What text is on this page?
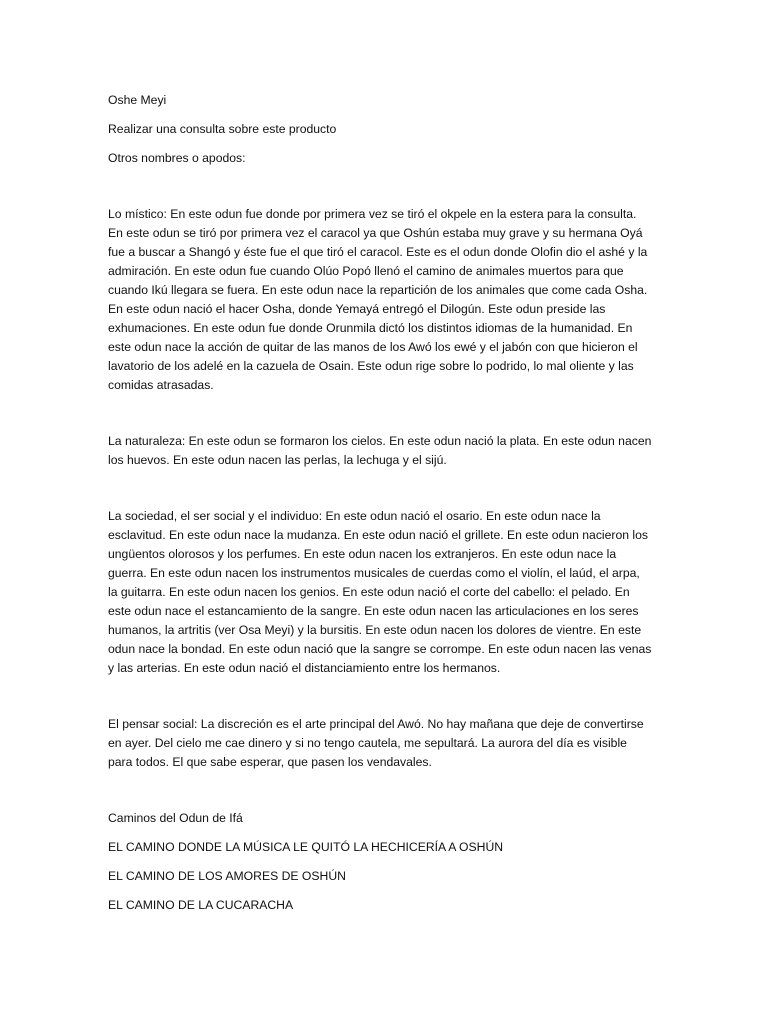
Oshe Meyi

Realizar una consulta sobre este producto

Otros nombres o apodos:

Lo místico: En este odun fue donde por primera vez se tiró el okpele en la estera para la consulta.

En este odun se tiró por primera vez el caracol ya que Oshún estaba muy grave y su hermana Oyá

fue a buscar a Shangó y éste fue el que tiró el caracol. Este es el odun donde Olofin dio el ashé y la

admiración. En este odun fue cuando Olúo Popó llenó el camino de animales muertos para que

cuando Ikú llegara se fuera. En este odun nace la repartición de los animales que come cada Osha.

En este odun nació el hacer Osha, donde Yemayá entregó el Dilogún. Este odun preside las

exhumaciones. En este odun fue donde Orunmila dictó los distintos idiomas de la humanidad. En

este odun nace la acción de quitar de las manos de los Awó los ewé y el jabón con que hicieron el

lavatorio de los adelé en la cazuela de Osain. Este odun rige sobre lo podrido, lo mal oliente y las

comidas atrasadas.

La naturaleza: En este odun se formaron los cielos. En este odun nació la plata. En este odun nacen

los huevos. En este odun nacen las perlas, la lechuga y el sijú.

La sociedad, el ser social y el individuo: En este odun nació el osario. En este odun nace la

esclavitud. En este odun nace la mudanza. En este odun nació el grillete. En este odun nacieron los

ungüentos olorosos y los perfumes. En este odun nacen los extranjeros. En este odun nace la

guerra. En este odun nacen los instrumentos musicales de cuerdas como el violín, el laúd, el arpa,

la guitarra. En este odun nacen los genios. En este odun nació el corte del cabello: el pelado. En

este odun nace el estancamiento de la sangre. En este odun nacen las articulaciones en los seres

humanos, la artritis (ver Osa Meyi) y la bursitis. En este odun nacen los dolores de vientre. En este

odun nace la bondad. En este odun nació que la sangre se corrompe. En este odun nacen las venas

y las arterias. En este odun nació el distanciamiento entre los hermanos.

El pensar social: La discreción es el arte principal del Awó. No hay mañana que deje de convertirse

en ayer. Del cielo me cae dinero y si no tengo cautela, me sepultará. La aurora del día es visible

para todos. El que sabe esperar, que pasen los vendavales.

Caminos del Odun de Ifá

EL CAMINO DONDE LA MÚSICA LE QUITÓ LA HECHICERÍA A OSHÚN

EL CAMINO DE LOS AMORES DE OSHÚN

EL CAMINO DE LA CUCARACHA
